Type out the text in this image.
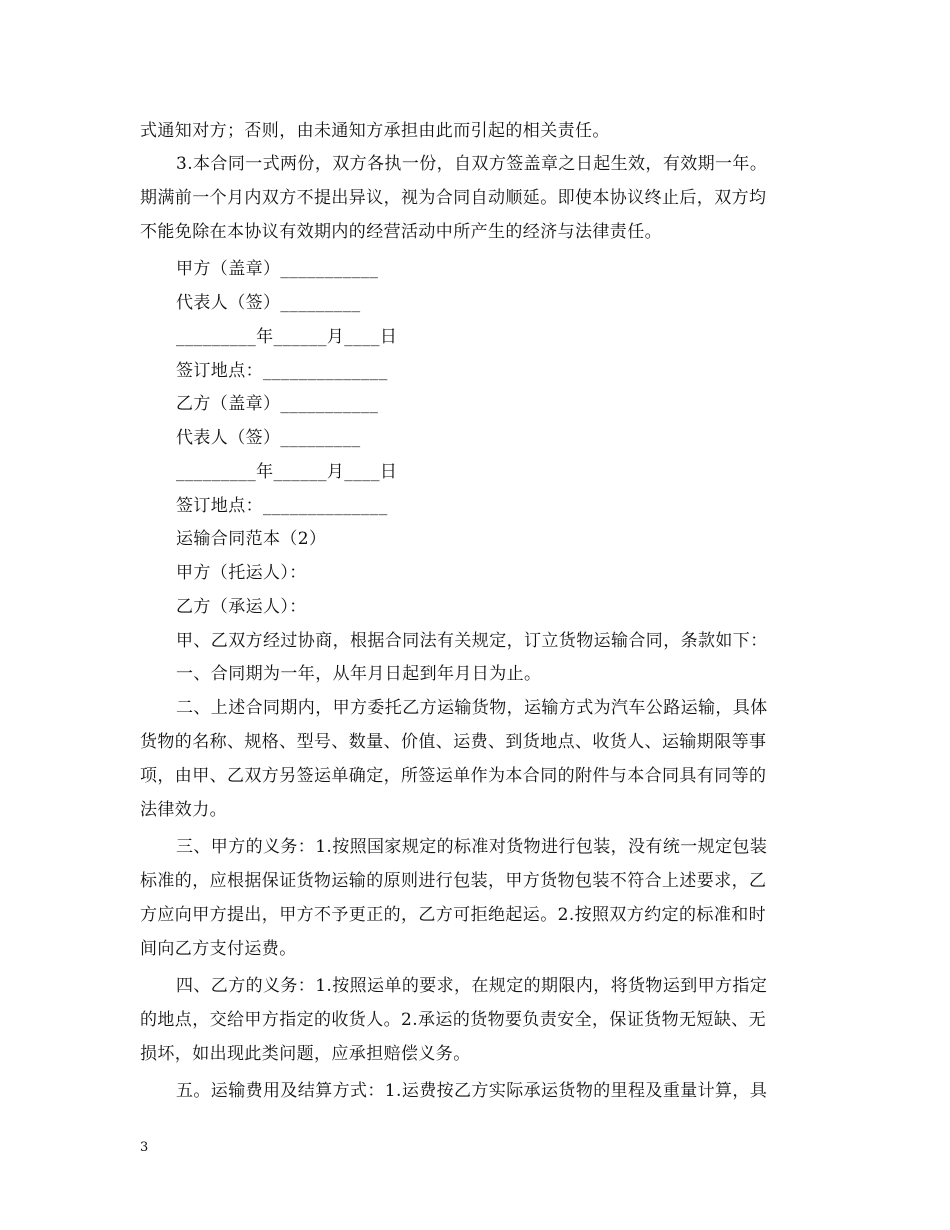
式通知对方；否则，由未通知方承担由此而引起的相关责任。
3.本合同一式两份，双方各执一份，自双方签盖章之日起生效，有效期一年。
期满前一个月内双方不提出异议，视为合同自动顺延。即使本协议终止后，双方均
不能免除在本协议有效期内的经营活动中所产生的经济与法律责任。
甲方（盖章）___________
代表人（签）_________
_________年______月____日
签订地点：______________
乙方（盖章）___________
代表人（签）_________
_________年______月____日
签订地点：______________
运输合同范本（2）
甲方（托运人）：
乙方（承运人）：
甲、乙双方经过协商，根据合同法有关规定，订立货物运输合同，条款如下：
一、合同期为一年，从年月日起到年月日为止。
二、上述合同期内，甲方委托乙方运输货物，运输方式为汽车公路运输，具体
货物的名称、规格、型号、数量、价值、运费、到货地点、收货人、运输期限等事
项，由甲、乙双方另签运单确定，所签运单作为本合同的附件与本合同具有同等的
法律效力。
三、甲方的义务：1.按照国家规定的标准对货物进行包装，没有统一规定包装
标准的，应根据保证货物运输的原则进行包装，甲方货物包装不符合上述要求，乙
方应向甲方提出，甲方不予更正的，乙方可拒绝起运。2.按照双方约定的标准和时
间向乙方支付运费。
四、乙方的义务：1.按照运单的要求，在规定的期限内，将货物运到甲方指定
的地点，交给甲方指定的收货人。2.承运的货物要负责安全，保证货物无短缺、无
损坏，如出现此类问题，应承担赔偿义务。
五。运输费用及结算方式：1.运费按乙方实际承运货物的里程及重量计算，具
3
